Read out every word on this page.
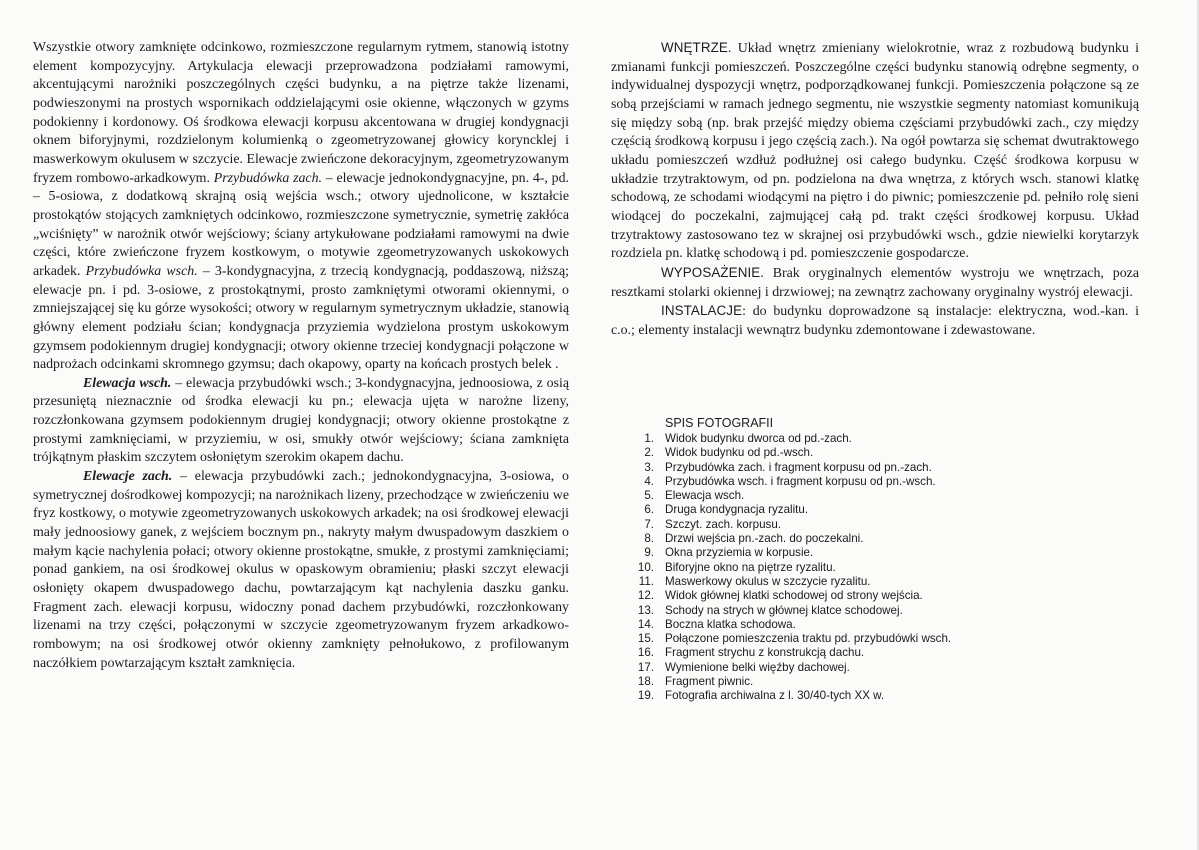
Wszystkie otwory zamknięte odcinkowo, rozmieszczone regularnym rytmem, stanowią istotny element kompozycyjny. Artykulacja elewacji przeprowadzona podziałami ramowymi, akcentującymi narożniki poszczególnych części budynku, a na piętrze także lizenami, podwieszonymi na prostych wspornikach oddzielającymi osie okienne, włączonych w gzyms podokienny i kordonowy. Oś środkowa elewacji korpusu akcentowana w drugiej kondygnacji oknem biforyjnymi, rozdzielonym kolumienką o zgeometryzowanej głowicy koryncklej i maswerkowym okulusem w szczycie. Elewacje zwieńczone dekoracyjnym, zgeometryzowanym fryzem rombowo-arkadkowym. Przybudówka zach. – elewacje jednokondygnacyjne, pn. 4-, pd. – 5-osiowa, z dodatkową skrajną osią wejścia wsch.; otwory ujednolicone, w kształcie prostokątów stojących zamkniętych odcinkowo, rozmieszczone symetrycznie, symetrię zakłóca „wciśnięty” w narożnik otwór wejściowy; ściany artykułowane podziałami ramowymi na dwie części, które zwieńczone fryzem kostkowym, o motywie zgeometryzowanych uskokowych arkadek. Przybudówka wsch. – 3-kondygnacyjna, z trzecią kondygnacją, poddaszową, niższą; elewacje pn. i pd. 3-osiowe, z prostokątnymi, prosto zamkniętymi otworami okiennymi, o zmniejszającej się ku górze wysokości; otwory w regularnym symetrycznym układzie, stanowią główny element podziału ścian; kondygnacja przyziemia wydzielona prostym uskokowym gzymsem podokiennym drugiej kondygnacji; otwory okienne trzeciej kondygnacji połączone w nadprożach odcinkami skromnego gzymsu; dach okapowy, oparty na końcach prostych belek .

Elewacja wsch. – elewacja przybudówki wsch.; 3-kondygnacyjna, jednoosiowa, z osią przesuniętą nieznacznie od środka elewacji ku pn.; elewacja ujęta w narożne lizeny, rozczłonkowana gzymsem podokiennym drugiej kondygnacji; otwory okienne prostokątne z prostymi zamknięciami, w przyziemiu, w osi, smukły otwór wejściowy; ściana zamknięta trójkątnym płaskim szczytem osłoniętym szerokim okapem dachu.

Elewacje zach. – elewacja przybudówki zach.; jednokondygnacyjna, 3-osiowa, o symetrycznej dośrodkowej kompozycji; na narożnikach lizeny, przechodzące w zwieńczeniu we fryz kostkowy, o motywie zgeometryzowanych uskokowych arkadek; na osi środkowej elewacji mały jednoosiowy ganek, z wejściem bocznym pn., nakryty małym dwuspadowym daszkiem o małym kącie nachylenia połaci; otwory okienne prostokątne, smukłe, z prostymi zamknięciami; ponad gankiem, na osi środkowej okulus w opaskowym obramieniu; płaski szczyt elewacji osłonięty okapem dwuspadowego dachu, powtarzającym kąt nachylenia daszku ganku. Fragment zach. elewacji korpusu, widoczny ponad dachem przybudówki, rozczłonkowany lizenami na trzy części, połączonymi w szczycie zgeometryzowanym fryzem arkadkowo-rombowym; na osi środkowej otwór okienny zamknięty pełnołukowo, z profilowanym naczółkiem powtarzającym kształt zamknięcia.

WNĘTRZE. Układ wnętrz zmieniany wielokrotnie, wraz z rozbudową budynku i zmianami funkcji pomieszczeń. Poszczególne części budynku stanowią odrębne segmenty, o indywidualnej dyspozycji wnętrz, podporządkowanej funkcji. Pomieszczenia połączone są ze sobą przejściami w ramach jednego segmentu, nie wszystkie segmenty natomiast komunikują się między sobą (np. brak przejść między obiema częściami przybudówki zach., czy między częścią środkową korpusu i jego częścią zach.). Na ogół powtarza się schemat dwutraktowego układu pomieszczeń wzdłuż podłużnej osi całego budynku. Część środkowa korpusu w układzie trzytraktowym, od pn. podzielona na dwa wnętrza, z których wsch. stanowi klatkę schodową, ze schodami wiodącymi na piętro i do piwnic; pomieszczenie pd. pełniło rolę sieni wiodącej do poczekalni, zajmującej całą pd. trakt części środkowej korpusu. Układ trzytraktowy zastosowano tez w skrajnej osi przybudówki wsch., gdzie niewielki korytarzyk rozdziela pn. klatkę schodową i pd. pomieszczenie gospodarcze.

WYPOSAŻENIE. Brak oryginalnych elementów wystroju we wnętrzach, poza resztkami stolarki okiennej i drzwiowej; na zewnątrz zachowany oryginalny wystrój elewacji.

INSTALACJE: do budynku doprowadzone są instalacje: elektryczna, wod.-kan. i c.o.; elementy instalacji wewnątrz budynku zdemontowane i zdewastowane.

SPIS FOTOGRAFII
1. Widok budynku dworca od pd.-zach.
2. Widok budynku od pd.-wsch.
3. Przybudówka zach. i fragment korpusu od pn.-zach.
4. Przybudówka wsch. i fragment korpusu od pn.-wsch.
5. Elewacja wsch.
6. Druga kondygnacja ryzalitu.
7. Szczyt. zach. korpusu.
8. Drzwi wejścia pn.-zach. do poczekalni.
9. Okna przyziemia w korpusie.
10. Biforyjne okno na piętrze ryzalitu.
11. Maswerkowy okulus w szczycie ryzalitu.
12. Widok głównej klatki schodowej od strony wejścia.
13. Schody na strych w głównej klatce schodowej.
14. Boczna klatka schodowa.
15. Połączone pomieszczenia traktu pd. przybudówki wsch.
16. Fragment strychu z konstrukcją dachu.
17. Wymienione belki więźby dachowej.
18. Fragment piwnic.
19. Fotografia archiwalna z l. 30/40-tych XX w.
